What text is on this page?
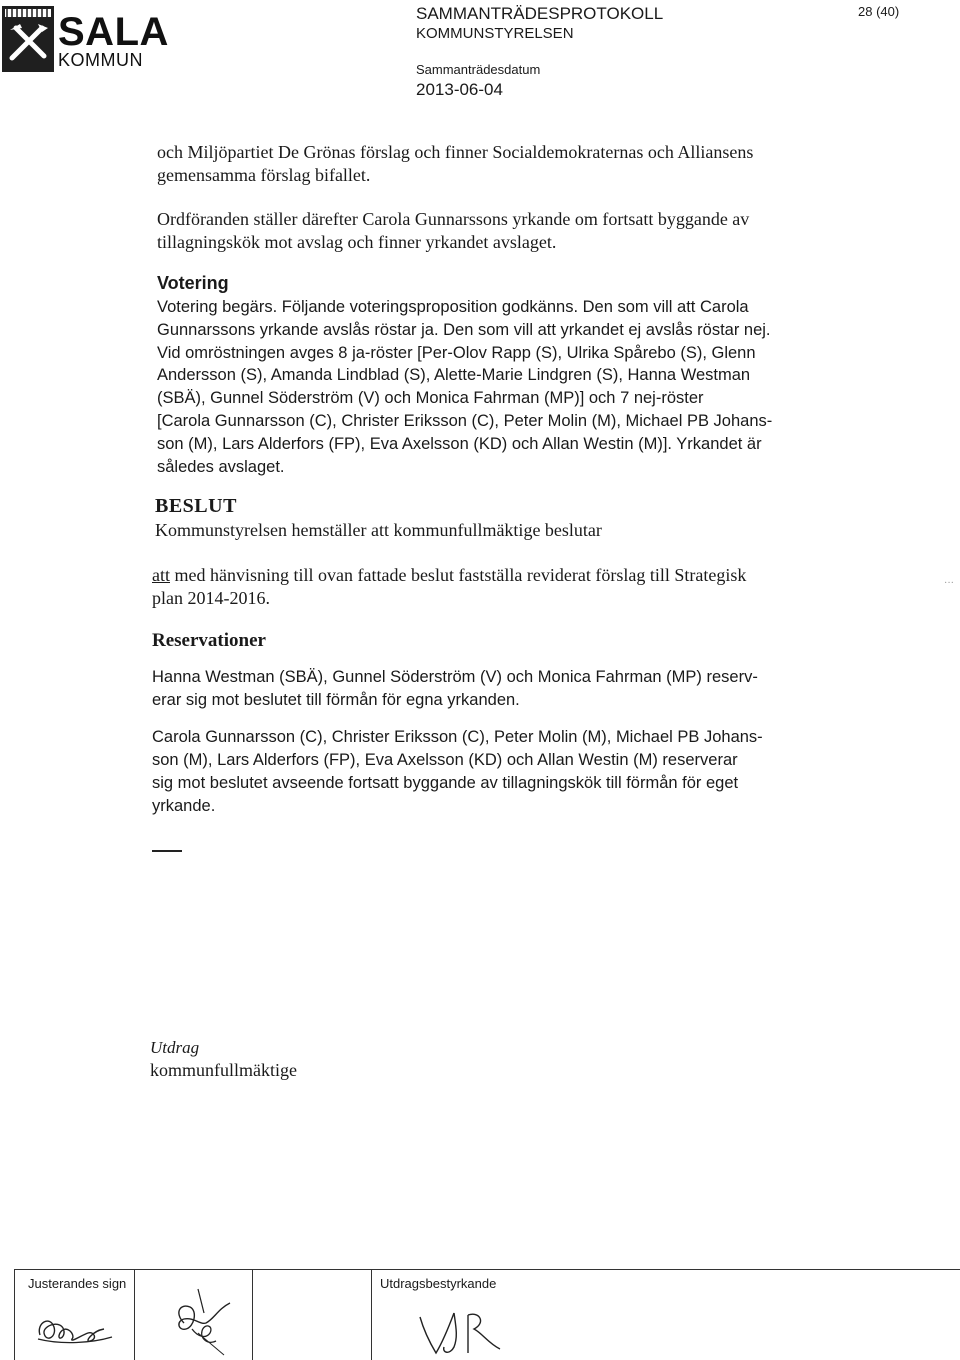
SALA
KOMMUN
SAMMANTRÄDESPROTOKOLL
KOMMUNSTYRELSEN
Sammanträdesdatum
2013-06-04
28 (40)
och Miljöpartiet De Grönas förslag och finner Socialdemokraternas och Alliansens
gemensamma förslag bifallet.
Ordföranden ställer därefter Carola Gunnarssons yrkande om fortsatt byggande av
tillagningskök mot avslag och finner yrkandet avslaget.
Votering
Votering begärs. Följande voteringsproposition godkänns. Den som vill att Carola
Gunnarssons yrkande avslås röstar ja. Den som vill att yrkandet ej avslås röstar nej.
Vid omröstningen avges 8 ja-röster [Per-Olov Rapp (S), Ulrika Spårebo (S), Glenn
Andersson (S), Amanda Lindblad (S), Alette-Marie Lindgren (S), Hanna Westman
(SBÄ), Gunnel Söderström (V) och Monica Fahrman (MP)] och 7 nej-röster
[Carola Gunnarsson (C), Christer Eriksson (C), Peter Molin (M), Michael PB Johans-
son (M), Lars Alderfors (FP), Eva Axelsson (KD) och Allan Westin (M)]. Yrkandet är
således avslaget.
BESLUT
Kommunstyrelsen hemställer att kommunfullmäktige beslutar
att med hänvisning till ovan fattade beslut fastställa reviderat förslag till Strategisk
plan 2014-2016.
Reservationer
Hanna Westman (SBÄ), Gunnel Söderström (V) och Monica Fahrman (MP) reserv-
erar sig mot beslutet till förmån för egna yrkanden.
Carola Gunnarsson (C), Christer Eriksson (C), Peter Molin (M), Michael PB Johans-
son (M), Lars Alderfors (FP), Eva Axelsson (KD) och Allan Westin (M) reserverar
sig mot beslutet avseende fortsatt byggande av tillagningskök till förmån för eget
yrkande.
···
Utdrag
kommunfullmäktige
Justerandes sign	Utdragsbestyrkande
